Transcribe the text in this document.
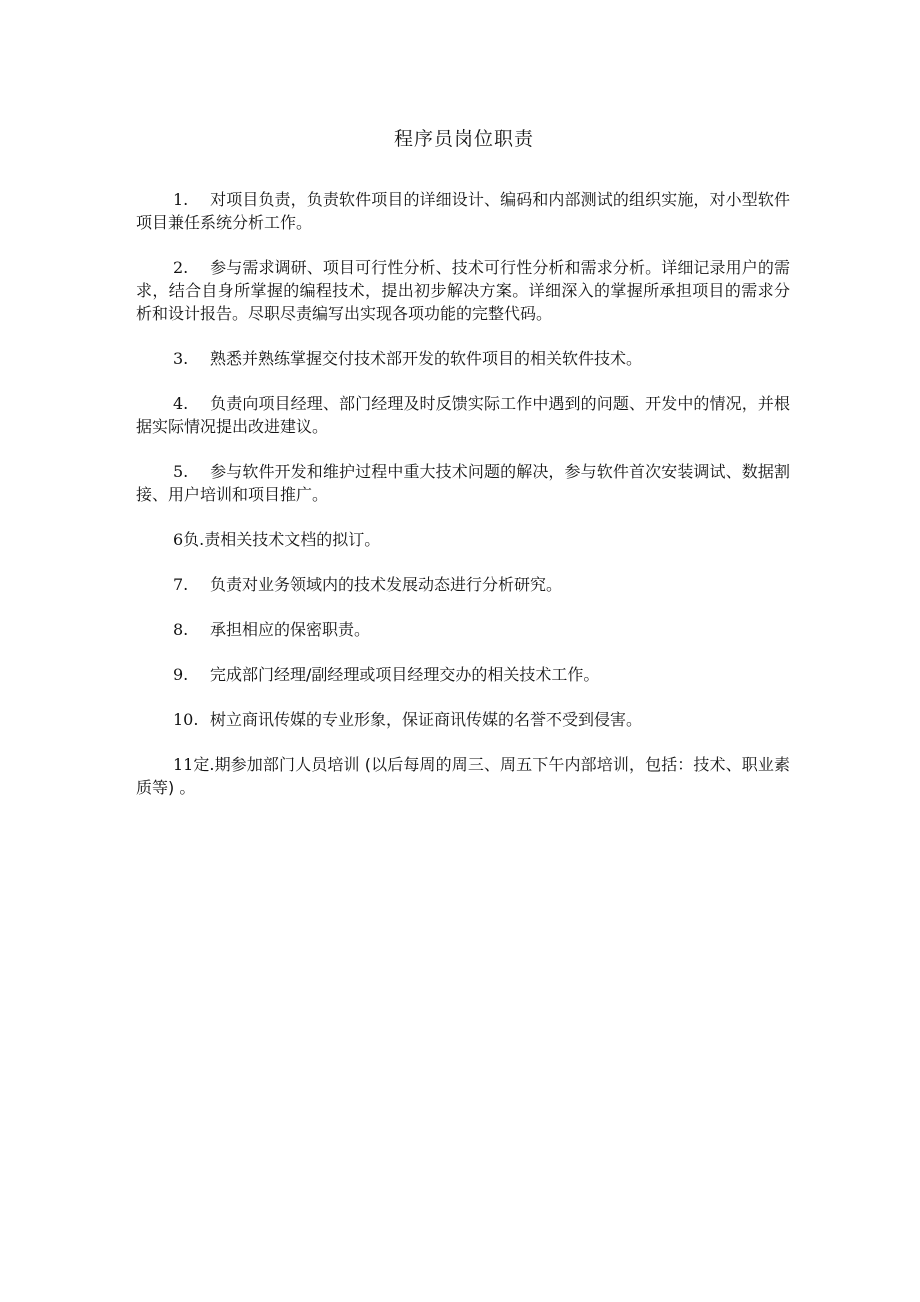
程序员岗位职责

1. 对项目负责，负责软件项目的详细设计、编码和内部测试的组织实施，对小型软件项目兼任系统分析工作。

2. 参与需求调研、项目可行性分析、技术可行性分析和需求分析。详细记录用户的需求，结合自身所掌握的编程技术，提出初步解决方案。详细深入的掌握所承担项目的需求分析和设计报告。尽职尽责编写出实现各项功能的完整代码。

3. 熟悉并熟练掌握交付技术部开发的软件项目的相关软件技术。

4. 负责向项目经理、部门经理及时反馈实际工作中遇到的问题、开发中的情况，并根据实际情况提出改进建议。

5. 参与软件开发和维护过程中重大技术问题的解决，参与软件首次安装调试、数据割接、用户培训和项目推广。

6负.责相关技术文档的拟订。

7. 负责对业务领域内的技术发展动态进行分析研究。

8. 承担相应的保密职责。

9. 完成部门经理/副经理或项目经理交办的相关技术工作。

10. 树立商讯传媒的专业形象，保证商讯传媒的名誉不受到侵害。

11定.期参加部门人员培训 (以后每周的周三、周五下午内部培训，包括：技术、职业素质等) 。
